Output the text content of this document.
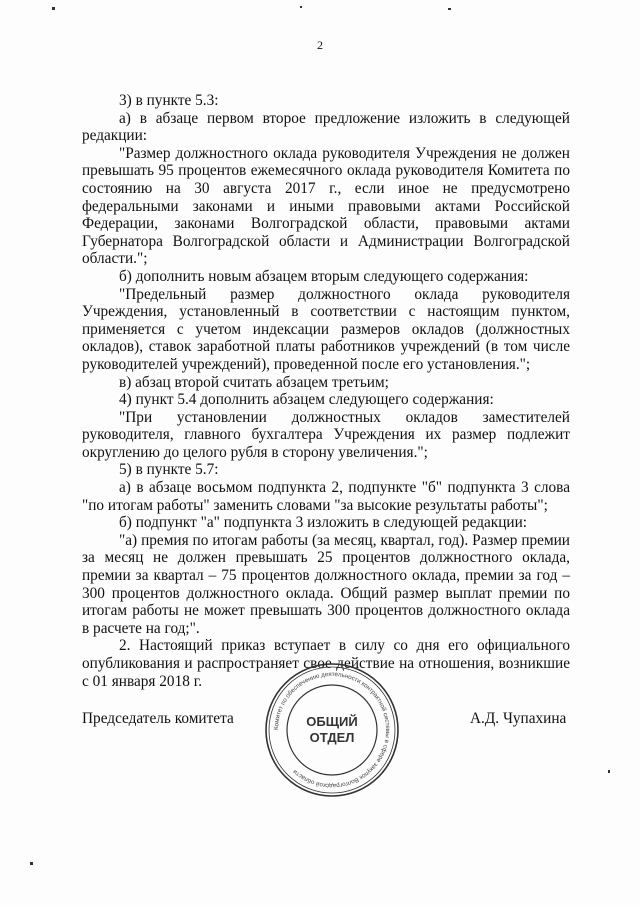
2

3) в пункте 5.3:

а) в абзаце первом второе предложение изложить в следующей редакции:

"Размер должностного оклада руководителя Учреждения не должен превышать 95 процентов ежемесячного оклада руководителя Комитета по состоянию на 30 августа 2017 г., если иное не предусмотрено федеральными законами и иными правовыми актами Российской Федерации, законами Волгоградской области, правовыми актами Губернатора Волгоградской области и Администрации Волгоградской области.";

б) дополнить новым абзацем вторым следующего содержания:

"Предельный размер должностного оклада руководителя Учреждения, установленный в соответствии с настоящим пунктом, применяется с учетом индексации размеров окладов (должностных окладов), ставок заработной платы работников учреждений (в том числе руководителей учреждений), проведенной после его установления.";

в) абзац второй считать абзацем третьим;

4) пункт 5.4 дополнить абзацем следующего содержания:

"При установлении должностных окладов заместителей руководителя, главного бухгалтера Учреждения их размер подлежит округлению до целого рубля в сторону увеличения.";

5) в пункте 5.7:

а) в абзаце восьмом подпункта 2, подпункте "б" подпункта 3 слова "по итогам работы" заменить словами "за высокие результаты работы";

б) подпункт "а" подпункта 3 изложить в следующей редакции:

"а) премия по итогам работы (за месяц, квартал, год). Размер премии за месяц не должен превышать 25 процентов должностного оклада, премии за квартал – 75 процентов должностного оклада, премии за год – 300 процентов должностного оклада. Общий размер выплат премии по итогам работы не может превышать 300 процентов должностного оклада в расчете на год;".

2. Настоящий приказ вступает в силу со дня его официального опубликования и распространяет свое действие на отношения, возникшие с 01 января 2018 г.

Председатель комитета	А.Д. Чупахина
Комитет по обеспечению деятельности контрактной системы в сфере закупок Волгоградской области
ОБЩИЙ
ОТДЕЛ
